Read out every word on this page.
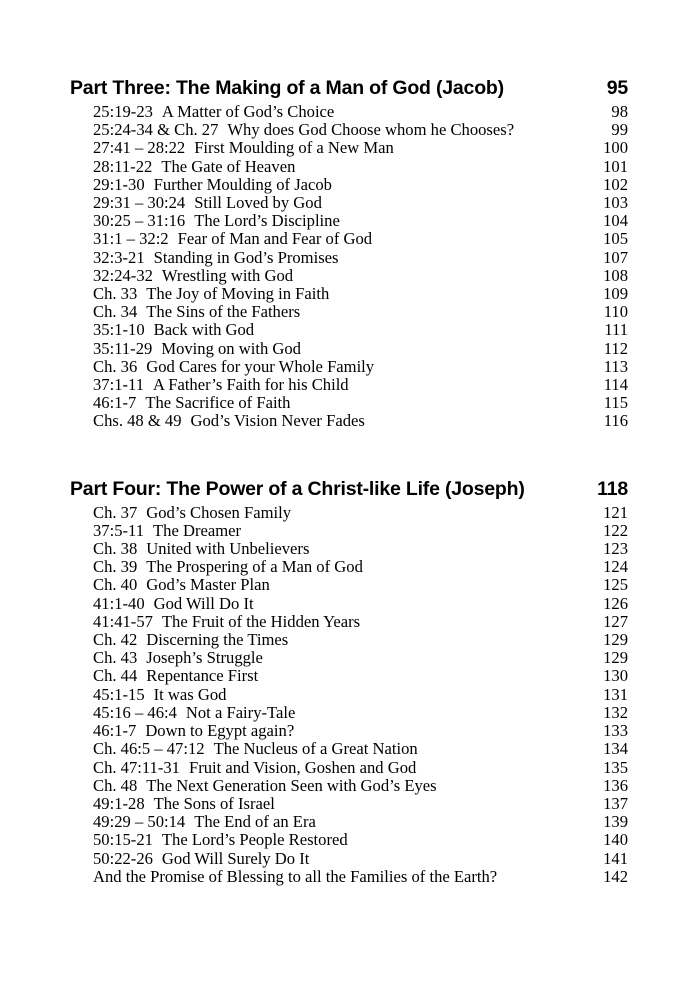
Part Three: The Making of a Man of God (Jacob)	95
25:19-23 A Matter of God’s Choice	98
25:24-34 & Ch. 27 Why does God Choose whom he Chooses?	99
27:41 – 28:22 First Moulding of a New Man	100
28:11-22 The Gate of Heaven	101
29:1-30 Further Moulding of Jacob	102
29:31 – 30:24 Still Loved by God	103
30:25 – 31:16 The Lord’s Discipline	104
31:1 – 32:2 Fear of Man and Fear of God	105
32:3-21 Standing in God’s Promises	107
32:24-32 Wrestling with God	108
Ch. 33 The Joy of Moving in Faith	109
Ch. 34 The Sins of the Fathers	110
35:1-10 Back with God	111
35:11-29 Moving on with God	112
Ch. 36 God Cares for your Whole Family	113
37:1-11 A Father’s Faith for his Child	114
46:1-7 The Sacrifice of Faith	115
Chs. 48 & 49 God’s Vision Never Fades	116
Part Four: The Power of a Christ-like Life (Joseph)	118
Ch. 37 God’s Chosen Family	121
37:5-11 The Dreamer	122
Ch. 38 United with Unbelievers	123
Ch. 39 The Prospering of a Man of God	124
Ch. 40 God’s Master Plan	125
41:1-40 God Will Do It	126
41:41-57 The Fruit of the Hidden Years	127
Ch. 42 Discerning the Times	129
Ch. 43 Joseph’s Struggle	129
Ch. 44 Repentance First	130
45:1-15 It was God	131
45:16 – 46:4 Not a Fairy-Tale	132
46:1-7 Down to Egypt again?	133
Ch. 46:5 – 47:12 The Nucleus of a Great Nation	134
Ch. 47:11-31 Fruit and Vision, Goshen and God	135
Ch. 48 The Next Generation Seen with God’s Eyes	136
49:1-28 The Sons of Israel	137
49:29 – 50:14 The End of an Era	139
50:15-21 The Lord’s People Restored	140
50:22-26 God Will Surely Do It	141
And the Promise of Blessing to all the Families of the Earth?	142
